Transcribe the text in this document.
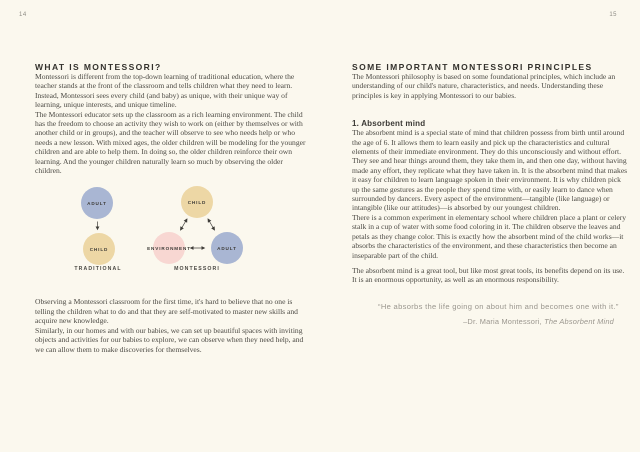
14
WHAT IS MONTESSORI?

Montessori is different from the top-down learning of traditional education, where the teacher stands at the front of the classroom and tells children what they need to learn. Instead, Montessori sees every child (and baby) as unique, with their unique way of learning, unique interests, and unique timeline.

The Montessori educator sets up the classroom as a rich learning environment. The child has the freedom to choose an activity they wish to work on (either by themselves or with another child or in groups), and the teacher will observe to see who needs help or who needs a new lesson. With mixed ages, the older children will be modeling for the younger children and are able to help them. In doing so, the older children reinforce their own learning. And the younger children naturally learn so much by observing the older children.

ADULT
CHILD
TRADITIONAL
CHILD
ENVIRONMENT	ADULT
MONTESSORI

Observing a Montessori classroom for the first time, it's hard to believe that no one is telling the children what to do and that they are self-motivated to master new skills and acquire new knowledge.

Similarly, in our homes and with our babies, we can set up beautiful spaces with inviting objects and activities for our babies to explore, we can observe when they need help, and we can allow them to make discoveries for themselves.

15
SOME IMPORTANT MONTESSORI PRINCIPLES

The Montessori philosophy is based on some foundational principles, which include an understanding of our child's nature, characteristics, and needs. Understanding these principles is key in applying Montessori to our babies.

1. Absorbent mind

The absorbent mind is a special state of mind that children possess from birth until around the age of 6. It allows them to learn easily and pick up the characteristics and cultural elements of their immediate environment. They do this unconsciously and without effort. They see and hear things around them, they take them in, and then one day, without having made any effort, they replicate what they have taken in. It is the absorbent mind that makes it easy for children to learn language spoken in their environment. It is why children pick up the same gestures as the people they spend time with, or easily learn to dance when surrounded by dancers. Every aspect of the environment—tangible (like language) or intangible (like our attitudes)—is absorbed by our youngest children.

There is a common experiment in elementary school where children place a plant or celery stalk in a cup of water with some food coloring in it. The children observe the leaves and petals as they change color. This is exactly how the absorbent mind of the child works—it absorbs the characteristics of the environment, and these characteristics then become an inseparable part of the child.

The absorbent mind is a great tool, but like most great tools, its benefits depend on its use. It is an enormous opportunity, as well as an enormous responsibility.

“He absorbs the life going on about him and becomes one with it.”
–Dr. Maria Montessori, The Absorbent Mind
